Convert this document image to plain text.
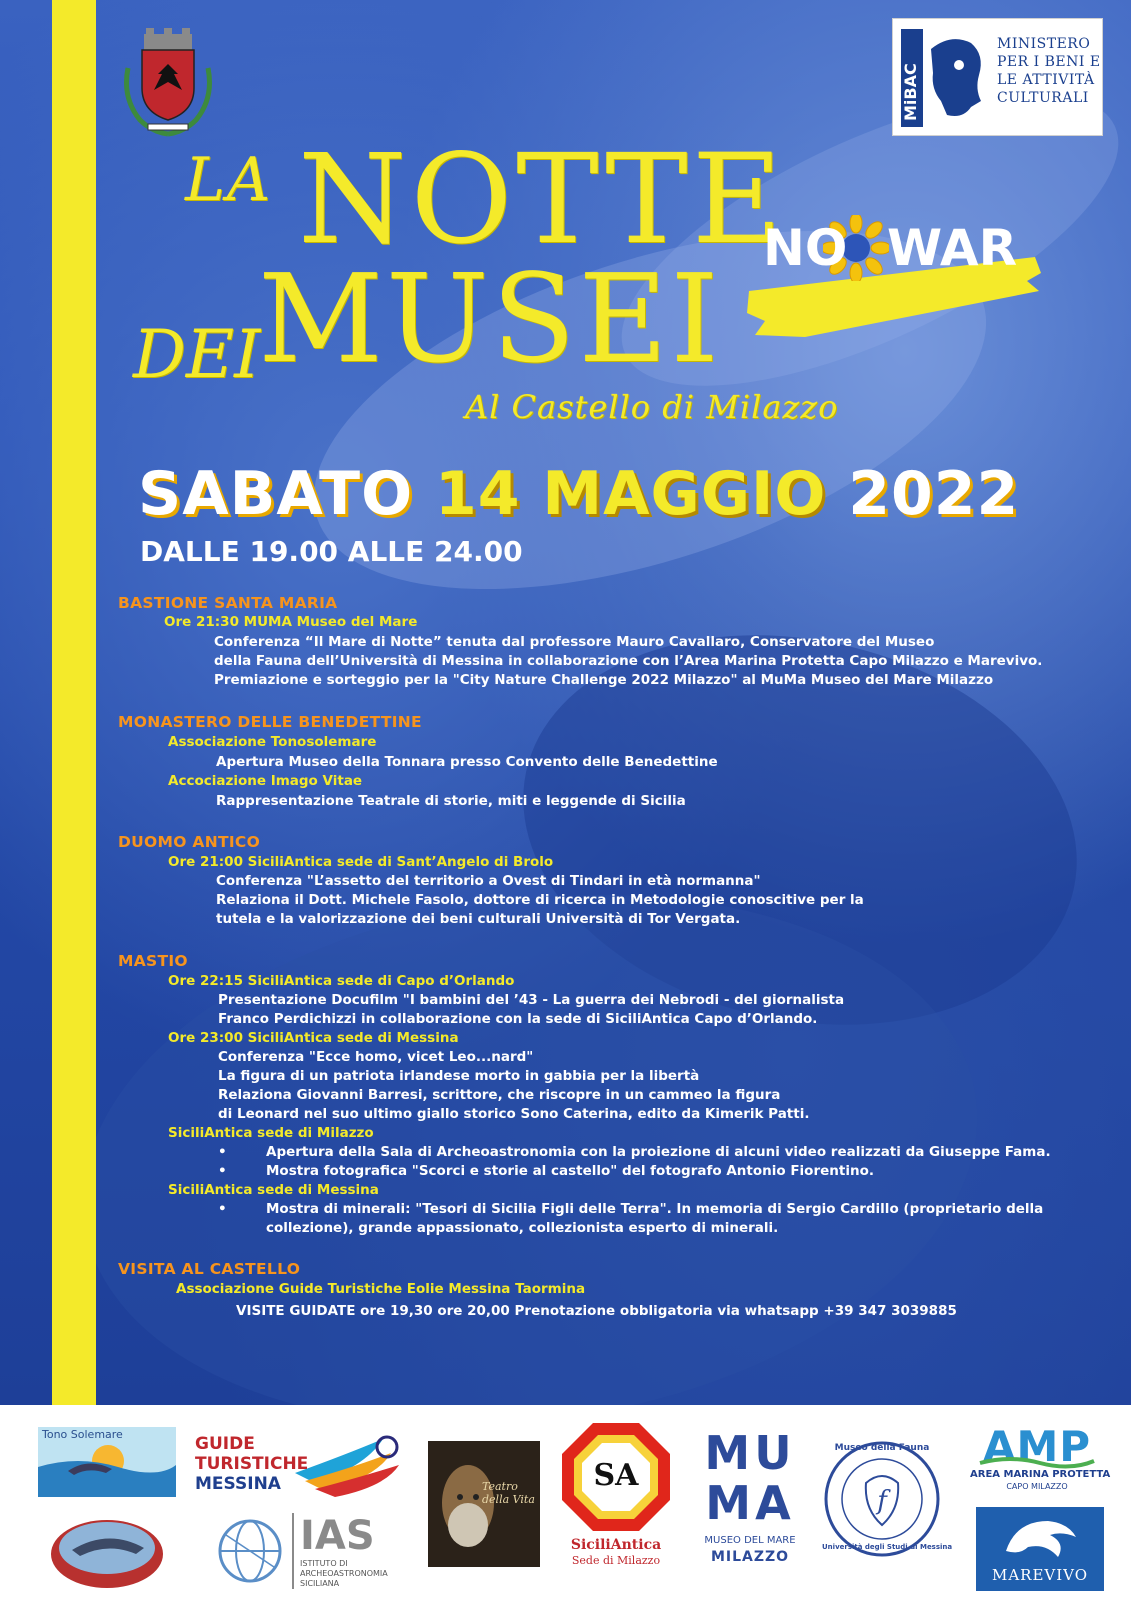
MiBAC
MINISTERO
PER I BENI E
LE ATTIVITÀ
CULTURALI
LA NOTTE
MUSEI
DEI
Al Castello di Milazzo
NO WAR
SABATO 14 MAGGIO 2022
DALLE 19.00 ALLE 24.00
BASTIONE SANTA MARIA
Ore 21:30 MUMA Museo del Mare
Conferenza “Il Mare di Notte” tenuta dal professore Mauro Cavallaro, Conservatore del Museo
della Fauna dell’Università di Messina in collaborazione con l’Area Marina Protetta Capo Milazzo e Marevivo.
Premiazione e sorteggio per la "City Nature Challenge 2022 Milazzo" al MuMa Museo del Mare Milazzo
MONASTERO DELLE BENEDETTINE
Associazione Tonosolemare
Apertura Museo della Tonnara presso Convento delle Benedettine
Accociazione Imago Vitae
Rappresentazione Teatrale di storie, miti e leggende di Sicilia
DUOMO ANTICO
Ore 21:00 SiciliAntica sede di Sant’Angelo di Brolo
Conferenza "L’assetto del territorio a Ovest di Tindari in età normanna"
Relaziona il Dott. Michele Fasolo, dottore di ricerca in Metodologie conoscitive per la
tutela e la valorizzazione dei beni culturali Università di Tor Vergata.
MASTIO
Ore 22:15 SiciliAntica sede di Capo d’Orlando
Presentazione Docufilm "I bambini del ’43 - La guerra dei Nebrodi - del giornalista
Franco Perdichizzi in collaborazione con la sede di SiciliAntica Capo d’Orlando.
Ore 23:00 SiciliAntica sede di Messina
Conferenza "Ecce homo, vicet Leo...nard"
La figura di un patriota irlandese morto in gabbia per la libertà
Relaziona Giovanni Barresi, scrittore, che riscopre in un cammeo la figura
di Leonard nel suo ultimo giallo storico Sono Caterina, edito da Kimerik Patti.
SiciliAntica sede di Milazzo
•	Apertura della Sala di Archeoastronomia con la proiezione di alcuni video realizzati da Giuseppe Fama.
•	Mostra fotografica "Scorci e storie al castello" del fotografo Antonio Fiorentino.
SiciliAntica sede di Messina
•	Mostra di minerali: "Tesori di Sicilia Figli delle Terra". In memoria di Sergio Cardillo (proprietario della
collezione), grande appassionato, collezionista esperto di minerali.
VISITA AL CASTELLO
Associazione Guide Turistiche Eolie Messina Taormina
VISITE GUIDATE ore 19,30 ore 20,00 Prenotazione obbligatoria via whatsapp +39 347 3039885
Tono Solemare	GUIDE
TURISTICHE
MESSINA
IAS
ISTITUTO DI
ARCHEOASTRONOMIA
SICILIANA
Teatro della Vita
SA
SiciliAntica
Sede di Milazzo
MU
MA
MUSEO DEL MARE
MILAZZO
f
Museo della Fauna
Università degli Studi di Messina
AMP
AREA MARINA PROTETTA
CAPO MILAZZO
MAREVIVO
